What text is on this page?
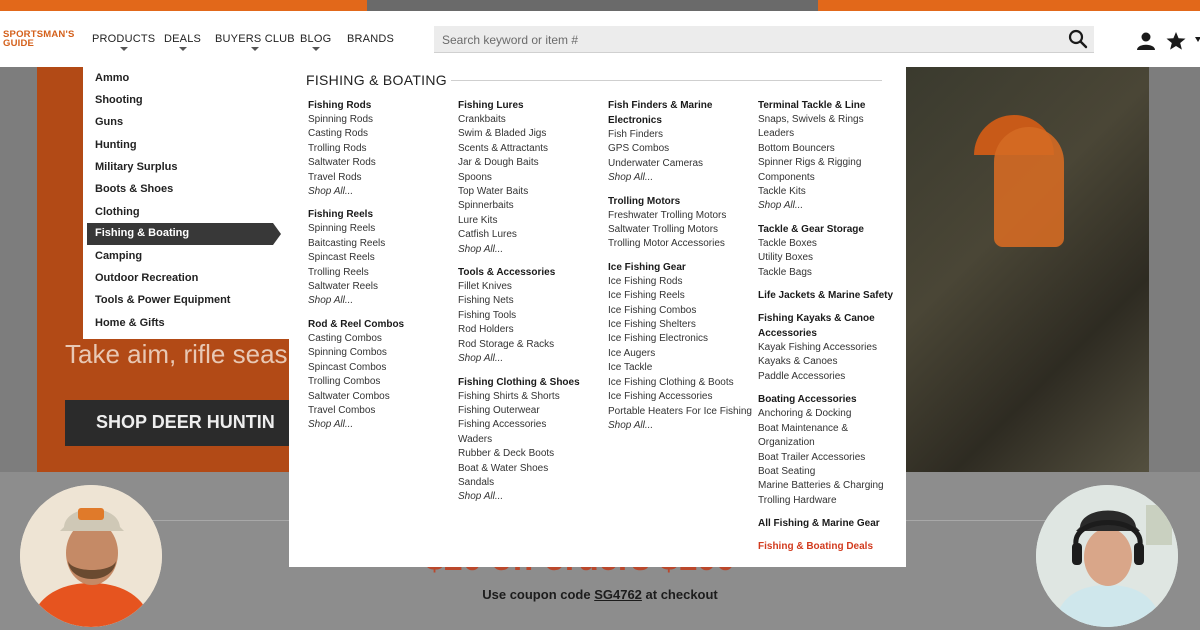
SPORTSMAN'S
GUIDE	PRODUCTS DEALS BUYERS CLUB BLOG BRANDS
Search keyword or item #
Take aim, rifle seas
SHOP DEER HUNTIN
Use coupon code SG4762 at checkout
Ammo
Shooting
Guns
Hunting
Military Surplus
Boots & Shoes
Clothing
Fishing & Boating
Camping
Outdoor Recreation
Tools & Power Equipment
Home & Gifts
FISHING & BOATING
Fishing Rods
Spinning Rods
Casting Rods
Trolling Rods
Saltwater Rods
Travel Rods
Shop All...
Fishing Reels
Spinning Reels
Baitcasting Reels
Spincast Reels
Trolling Reels
Saltwater Reels
Shop All...
Rod & Reel Combos
Casting Combos
Spinning Combos
Spincast Combos
Trolling Combos
Saltwater Combos
Travel Combos
Shop All...
Fishing Lures
Crankbaits
Swim & Bladed Jigs
Scents & Attractants
Jar & Dough Baits
Spoons
Top Water Baits
Spinnerbaits
Lure Kits
Catfish Lures
Shop All...
Tools & Accessories
Fillet Knives
Fishing Nets
Fishing Tools
Rod Holders
Rod Storage & Racks
Shop All...
Fishing Clothing & Shoes
Fishing Shirts & Shorts
Fishing Outerwear
Fishing Accessories
Waders
Rubber & Deck Boots
Boat & Water Shoes
Sandals
Shop All...
Fish Finders & Marine Electronics
Fish Finders
GPS Combos
Underwater Cameras
Shop All...
Trolling Motors
Freshwater Trolling Motors
Saltwater Trolling Motors
Trolling Motor Accessories
Ice Fishing Gear
Ice Fishing Rods
Ice Fishing Reels
Ice Fishing Combos
Ice Fishing Shelters
Ice Fishing Electronics
Ice Augers
Ice Tackle
Ice Fishing Clothing & Boots
Ice Fishing Accessories
Portable Heaters For Ice Fishing
Shop All...
Terminal Tackle & Line
Snaps, Swivels & Rings
Leaders
Bottom Bouncers
Spinner Rigs & Rigging Components
Tackle Kits
Shop All...
Tackle & Gear Storage
Tackle Boxes
Utility Boxes
Tackle Bags
Life Jackets & Marine Safety
Fishing Kayaks & Canoe Accessories
Kayak Fishing Accessories
Kayaks & Canoes
Paddle Accessories
Boating Accessories
Anchoring & Docking
Boat Maintenance & Organization
Boat Trailer Accessories
Boat Seating
Marine Batteries & Charging
Trolling Hardware
All Fishing & Marine Gear
Fishing & Boating Deals
